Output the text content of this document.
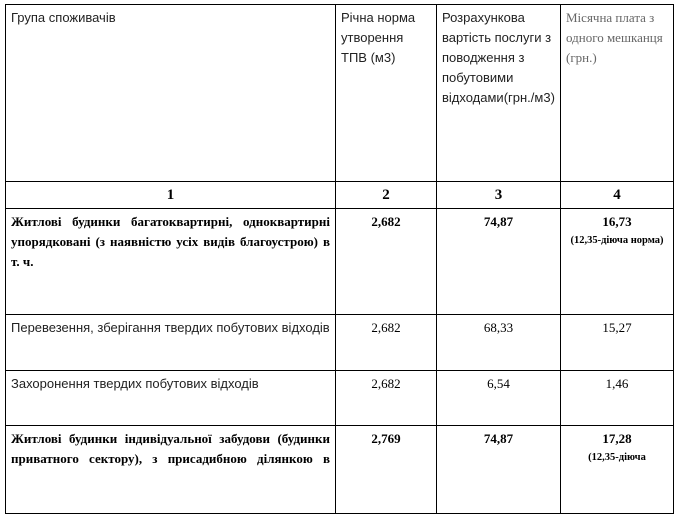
Група споживачів	Річна норма утворення ТПВ (м3)	Розрахункова вартість послуги з поводження з побутовими відходами(грн./м3)	Місячна плата з одного мешканця (грн.)
1	2	3	4
Житлові будинки багатоквартирні, одноквартирні упорядковані (з наявністю усіх видів благоустрою) в т. ч.	2,682	74,87	16,73
(12,35-діюча норма)

Перевезення, зберігання твердих побутових відходів	2,682	68,33	15,27
Захоронення твердих побутових відходів	2,682	6,54	1,46
Житлові будинки індивідуальної забудови (будинки приватного сектору), з присадибною ділянкою в	2,769	74,87	17,28
(12,35-діюча
